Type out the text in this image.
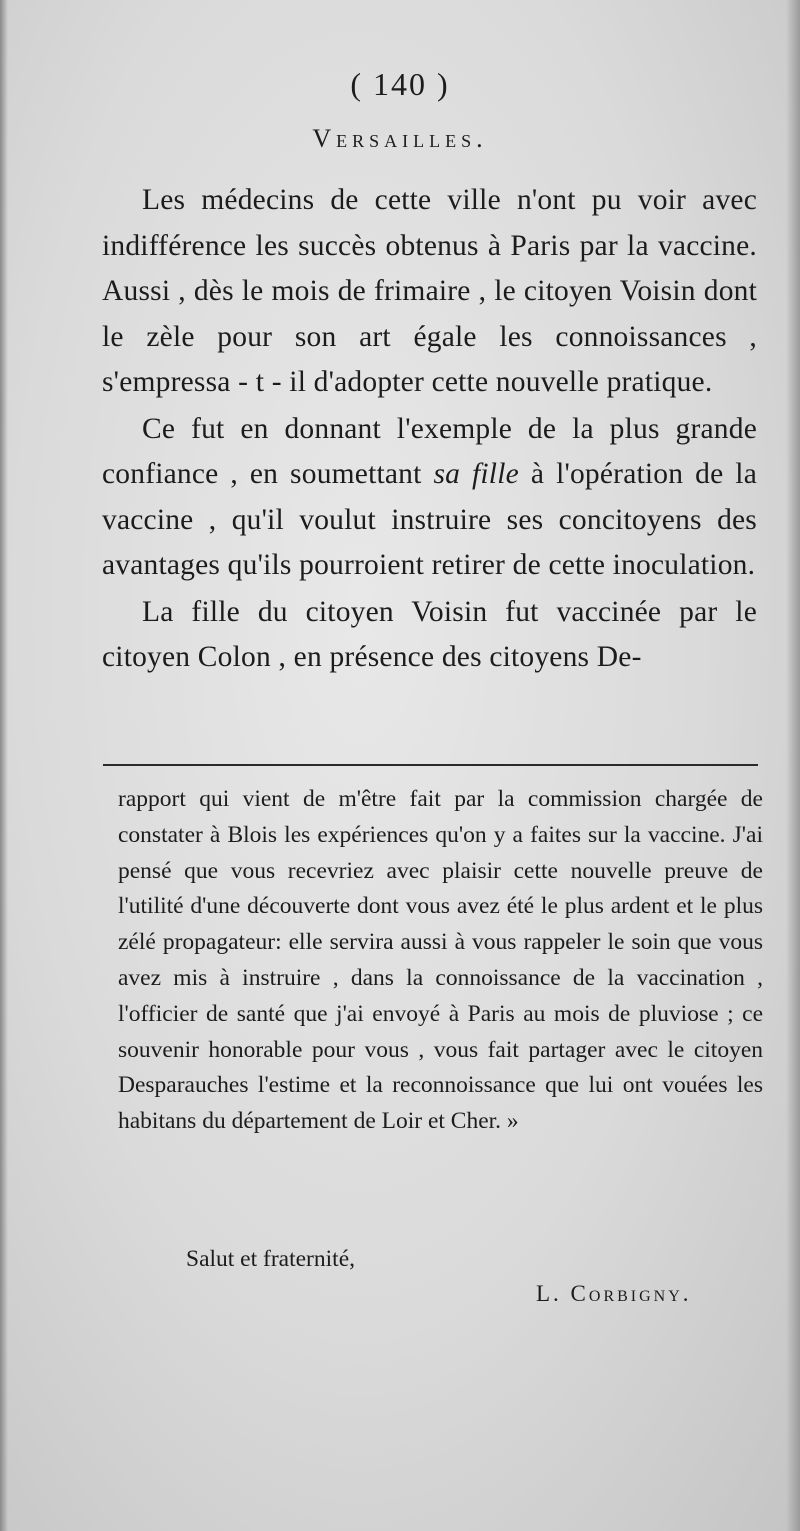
( 140 )
Versailles.

Les médecins de cette ville n'ont pu voir avec indifférence les succès obtenus à Paris par la vaccine. Aussi , dès le mois de frimaire , le citoyen Voisin dont le zèle pour son art égale les connoissances , s'empressa - t - il d'adopter cette nouvelle pratique.

Ce fut en donnant l'exemple de la plus grande confiance , en soumettant sa fille à l'opération de la vaccine , qu'il voulut instruire ses concitoyens des avantages qu'ils pourroient retirer de cette inoculation.

La fille du citoyen Voisin fut vaccinée par le citoyen Colon , en présence des citoyens De-

rapport qui vient de m'être fait par la commission chargée de constater à Blois les expériences qu'on y a faites sur la vaccine. J'ai pensé que vous recevriez avec plaisir cette nouvelle preuve de l'utilité d'une découverte dont vous avez été le plus ardent et le plus zélé propagateur: elle servira aussi à vous rappeler le soin que vous avez mis à instruire , dans la connoissance de la vaccination , l'officier de santé que j'ai envoyé à Paris au mois de pluviose ; ce souvenir honorable pour vous , vous fait partager avec le citoyen Desparauches l'estime et la reconnoissance que lui ont vouées les habitans du département de Loir et Cher. »

Salut et fraternité,
L. Corbigny.
